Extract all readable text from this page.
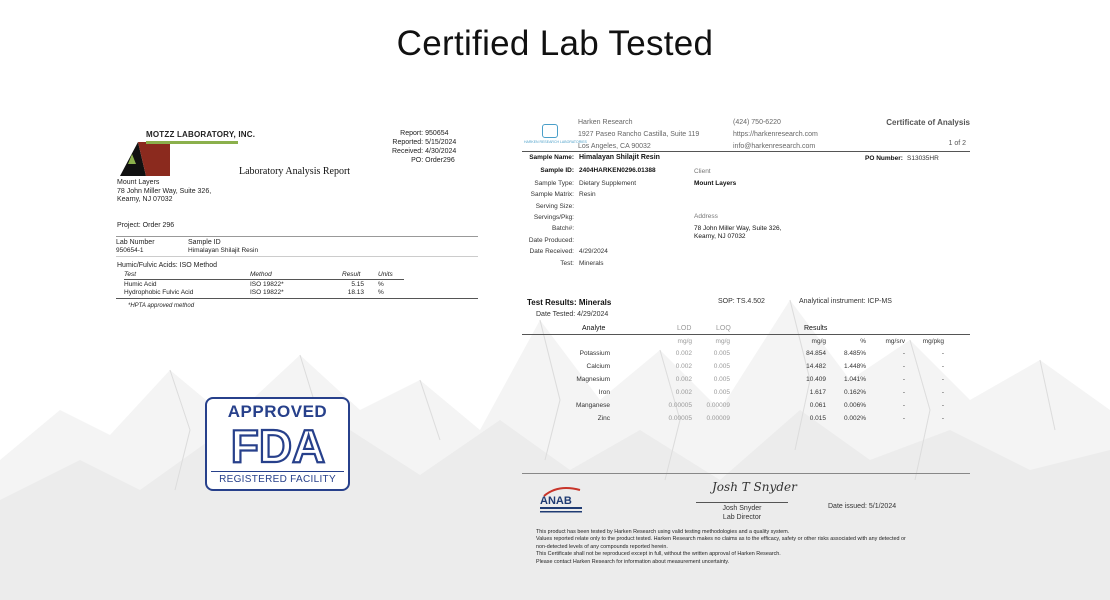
Certified Lab Tested
MOTZZ LABORATORY, INC.
Laboratory Analysis Report
Report: 950654
Reported: 5/15/2024
Received: 4/30/2024
PO: Order296
Mount Layers
78 John Miller Way, Suite 326,
Kearny, NJ 07032
Project: Order 296
Lab Number	Sample ID
950654-1	Himalayan Shilajit Resin
Humic/Fulvic Acids: ISO Method
Test	Method	Result	Units
Humic Acid	ISO 19822*	5.15	%
Hydrophobic Fulvic Acid	ISO 19822*	18.13	%
*HPTA approved method
APPROVED
FDA
REGISTERED FACILITY
HARKEN RESEARCH LABORATORIES
Harken Research
1927 Paseo Rancho Castilla, Suite 119
Los Angeles, CA 90032
(424) 750-6220
https://harkenresearch.com
info@harkenresearch.com
Certificate of Analysis
1 of 2
Sample Name: Himalayan Shilajit Resin
Sample ID: 2404HARKEN0296.01388
Sample Type: Dietary Supplement
Sample Matrix: Resin
Serving Size:
Servings/Pkg:
Batch#:
Date Produced:
Date Received: 4/29/2024
Test: Minerals
PO Number: S13035HR
Client
Mount Layers
Address
78 John Miller Way, Suite 326,
Kearny, NJ 07032
Test Results: Minerals	SOP: TS.4.502	Analytical instrument: ICP-MS
Date Tested: 4/29/2024
Analyte	LOD	LOQ	Results
mg/g	mg/g	mg/g	%	mg/srv	mg/pkg
Potassium	0.002	0.005	84.854	8.485%	-	-
Calcium	0.002	0.005	14.482	1.448%	-	-
Magnesium	0.002	0.005	10.409	1.041%	-	-
Iron	0.002	0.005	1.617	0.162%	-	-
Manganese	0.00005 0.00009	0.061	0.006%	-	-
Zinc	0.00005 0.00009	0.015	0.002%	-	-
ANAB
Josh T Snyder
Josh Snyder
Lab Director
Date issued: 5/1/2024
This product has been tested by Harken Research using valid testing methodologies and a quality system.
Values reported relate only to the product tested. Harken Research makes no claims as to the efficacy, safety or other risks associated with any detected or
non-detected levels of any compounds reported herein.
This Certificate shall not be reproduced except in full, without the written approval of Harken Research.
Please contact Harken Research for information about measurement uncertainty.
